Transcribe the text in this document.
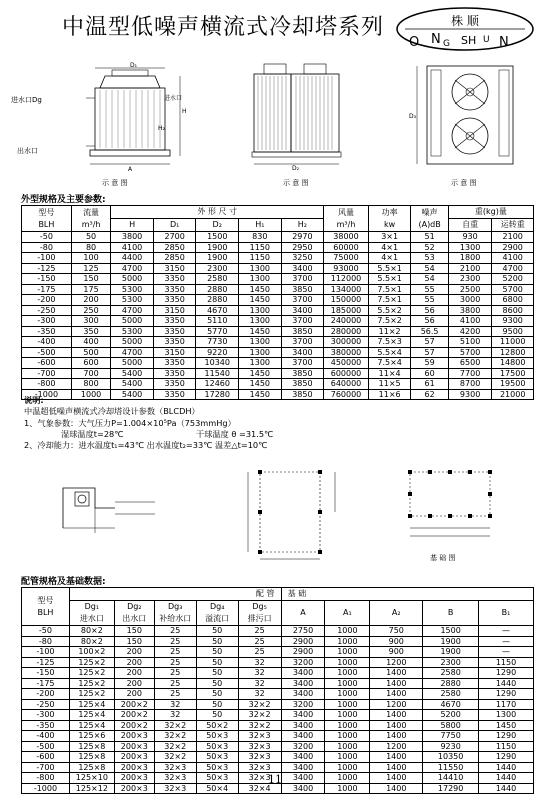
中温型低噪声横流式冷却塔系列	株 顺
O N G SH U N
D₁
A
H
进水口
H₂
进水口Dg
出水口
示 意 图
D₂
示 意 图
D₃
示 意 图
外型规格及主要参数:
型号
BLH	流量
m³/h	外 形 尺 寸					风量
m³/h	功率
kw	噪声
(A)dB	重(kg)量	
		H	D₁	D₂	H₁	H₂				自重	运转重
-50	50	3800	2700	1500	830	2970	38000	3×1	51	930	2100
-80	80	4100	2850	1900	1150	2950	60000	4×1	52	1300	2900
-100	100	4400	2850	1900	1150	3250	75000	4×1	53	1800	4100
-125	125	4700	3150	2300	1300	3400	93000	5.5×1	54	2100	4700
-150	150	5000	3350	2580	1300	3700	112000	5.5×1	54	2300	5200
-175	175	5300	3350	2880	1450	3850	134000	7.5×1	55	2500	5700
-200	200	5300	3350	2880	1450	3700	150000	7.5×1	55	3000	6800
-250	250	4700	3150	4670	1300	3400	185000	5.5×2	56	3800	8600
-300	300	5000	3350	5110	1300	3700	240000	7.5×2	56	4100	9300
-350	350	5300	3350	5770	1450	3850	280000	11×2	56.5	4200	9500
-400	400	5000	3350	7730	1300	3700	300000	7.5×3	57	5100	11000
-500	500	4700	3150	9220	1300	3400	380000	5.5×4	57	5700	12800
-600	600	5000	3350	10340	1300	3700	450000	7.5×4	59	6500	14800
-700	700	5400	3350	11540	1450	3850	600000	11×4	60	7700	17500
-800	800	5400	3350	12460	1450	3850	640000	11×5	61	8700	19500
-1000	1000	5400	3350	17280	1450	3850	760000	11×6	62	9300	21000
说明:
中温超低噪声横流式冷却塔设计参数（BLCDH）
1、气象参数：大气压力P=1.004×10⁵Pa（753mmHg）
湿球温度t=28℃	干球温度 θ =31.5℃
2、冷却能力：进水温度t₁=43℃ 出水温度t₂=33℃ 温差△t=10℃
基 础 图
配管规格及基础数据:
型号
BLH	配 管					基 础				
	Dg₁
进水口	Dg₂
出水口	Dg₃
补给水口	Dg₄
溢流口	Dg₅
排污口	A	A₁	A₂	B	B₁
-50	80×2	150	25	50	25	2750	1000	750	1500	—
-80	80×2	150	25	50	25	2900	1000	900	1900	—
-100	100×2	200	25	50	25	2900	1000	900	1900	—
-125	125×2	200	25	50	32	3200	1000	1200	2300	1150
-150	125×2	200	25	50	32	3400	1000	1400	2580	1290
-175	125×2	200	25	50	32	3400	1000	1400	2880	1440
-200	125×2	200	25	50	32	3400	1000	1400	2580	1290
-250	125×4	200×2	32	50	32×2	3200	1000	1200	4670	1170
-300	125×4	200×2	32	50	32×2	3400	1000	1400	5200	1300
-350	125×4	200×2	32×2	50×2	32×2	3400	1000	1400	5800	1450
-400	125×6	200×3	32×2	50×3	32×3	3400	1000	1400	7750	1290
-500	125×8	200×3	32×2	50×3	32×3	3200	1000	1200	9230	1150
-600	125×8	200×3	32×2	50×3	32×3	3400	1000	1400	10350	1290
-700	125×8	200×3	32×3	50×3	32×3	3400	1000	1400	11550	1440
-800	125×10	200×3	32×3	50×3	32×3	3400	1000	1400	14410	1440
-1000	125×12	200×3	32×3	50×4	32×4	3400	1000	1400	17290	1440
11
